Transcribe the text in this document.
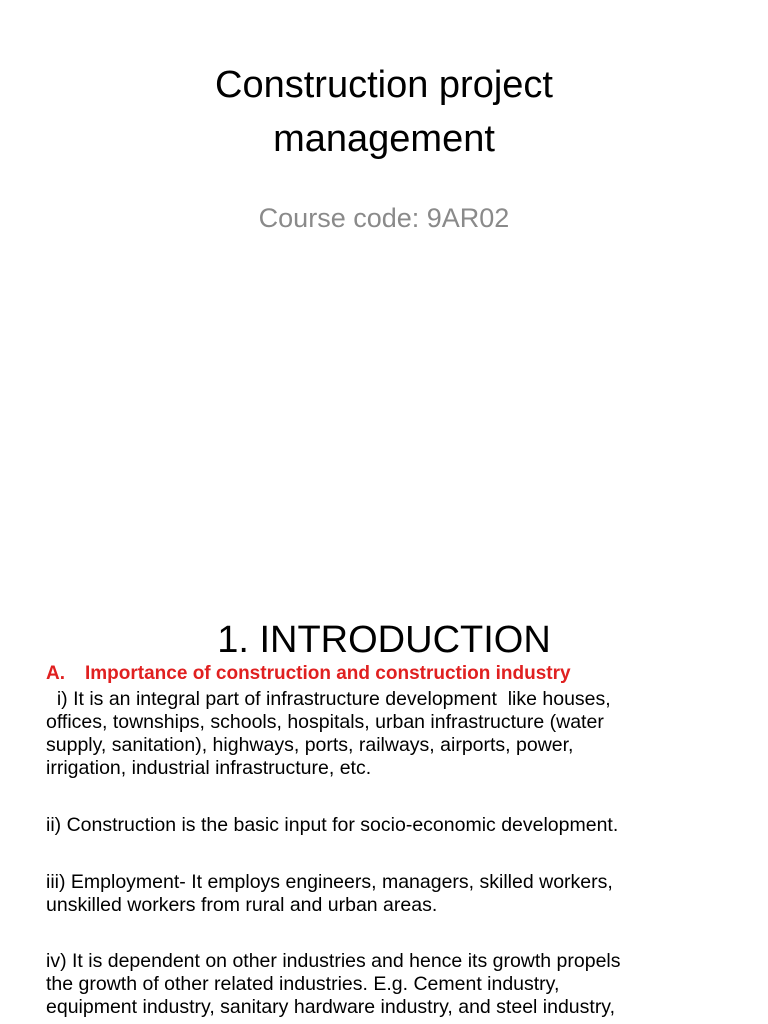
Construction project
management

Course code: 9AR02

1. INTRODUCTION

A. Importance of construction and construction industry

i) It is an integral part of infrastructure development  like houses,
offices, townships, schools, hospitals, urban infrastructure (water
supply, sanitation), highways, ports, railways, airports, power,
irrigation, industrial infrastructure, etc.

ii) Construction is the basic input for socio-economic development.

iii) Employment- It employs engineers, managers, skilled workers,
unskilled workers from rural and urban areas.

iv) It is dependent on other industries and hence its growth propels
the growth of other related industries. E.g. Cement industry,
equipment industry, sanitary hardware industry, and steel industry,
